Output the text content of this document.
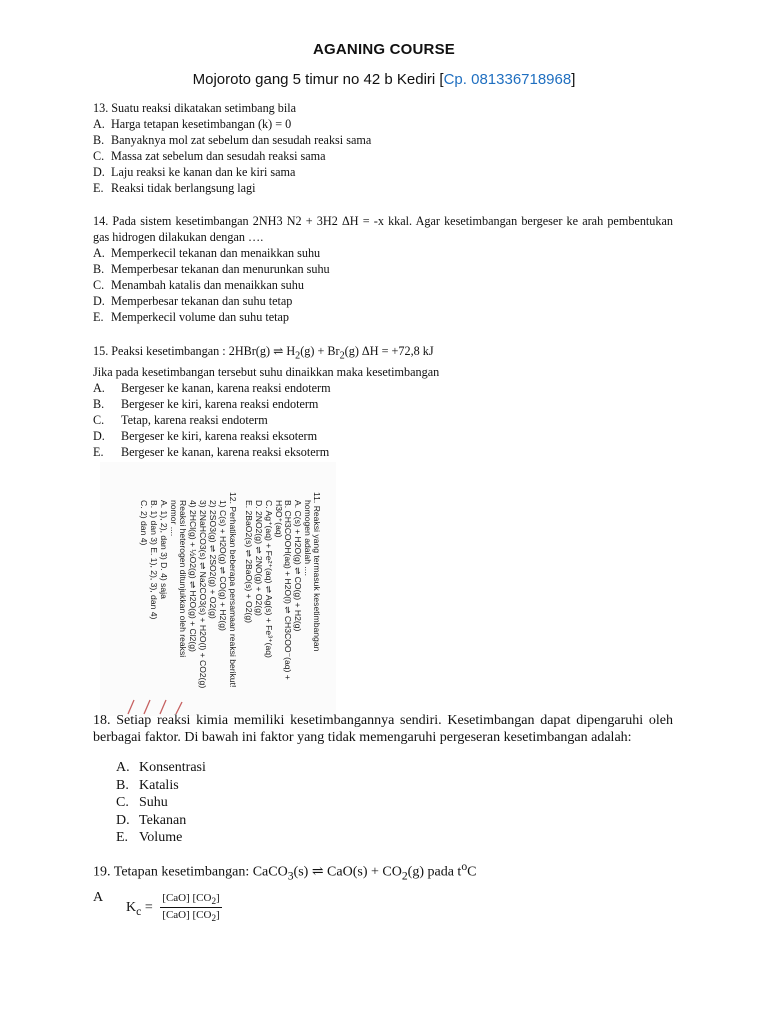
AGANING COURSE
Mojoroto gang 5 timur no 42 b Kediri [Cp. 081336718968]

13. Suatu reaksi dikatakan setimbang bila

A. Harga tetapan kesetimbangan (k) = 0

B. Banyaknya mol zat sebelum dan sesudah reaksi sama

C. Massa zat sebelum dan sesudah reaksi sama

D. Laju reaksi ke kanan dan ke kiri sama

E. Reaksi tidak berlangsung lagi

14. Pada sistem kesetimbangan 2NH3 N2 + 3H2 ΔH = -x kkal. Agar kesetimbangan bergeser ke arah pembentukan gas hidrogen dilakukan dengan ….

A. Memperkecil tekanan dan menaikkan suhu

B. Memperbesar tekanan dan menurunkan suhu

C. Menambah katalis dan menaikkan suhu

D. Memperbesar tekanan dan suhu tetap

E. Memperkecil volume dan suhu tetap

15. Peaksi kesetimbangan : 2HBr(g) ⇌ $H_2(g) + Br_2(g) \Delta H = +72,8$ kJ

Jika pada kesetimbangan tersebut suhu dinaikkan maka kesetimbangan

A. Bergeser ke kanan, karena reaksi endoterm

B. Bergeser ke kiri, karena reaksi endoterm

C. Tetap, karena reaksi endoterm

D. Bergeser ke kiri, karena reaksi eksoterm

E. Bergeser ke kanan, karena reaksi eksoterm

11. Reaksi yang termasuk kesetimbangan
homogen adalah ....
A. C(s) + H2O(g) ⇌ CO(g) + H2(g)
B. CH3COOH(aq) + H2O(l) ⇌ CH3COO⁻(aq) +
H3O⁺(aq)
C. Ag⁺(aq) + Fe²⁺(aq) ⇌ Ag(s) + Fe³⁺(aq)
D. 2NO2(g) ⇌ 2NO(g) + O2(g)
E. 2BaO2(s) ⇌ 2BaO(s) + O2(g)
12. Perhatikan beberapa persamaan reaksi berikut!
1) C(s) + H2O(g) ⇌ CO(g) + H2(g)
2) 2SO3(g) ⇌ 2SO2(g) + O2(g)
3) 2NaHCO3(s) ⇌ Na2CO3(s) + H2O(l) + CO2(g)
4) 2HCl(g) + ½O2(g) ⇌ H2O(g) + Cl2(g)
Reaksi heterogen ditunjukkan oleh reaksi
nomor ....
A. 1), 2), dan 3) D. 4) saja
B. 1) dan 3) E. 1), 2), 3), dan 4)
C. 2) dan 4)

18. Setiap reaksi kimia memiliki kesetimbangannya sendiri. Kesetimbangan dapat dipengaruhi oleh berbagai faktor. Di bawah ini faktor yang tidak memengaruhi pergeseran kesetimbangan adalah:

A. Konsentrasi

B. Katalis

C. Suhu

D. Tekanan

E. Volume

19. Tetapan kesetimbangan: CaCO$_3$(s) ⇌ $CaO(s) + CO_2(g)$ pada $t^oC$
A
$K_c$ =
[CaO] $[CO_2]$
[CaO] $[CO_2]$
